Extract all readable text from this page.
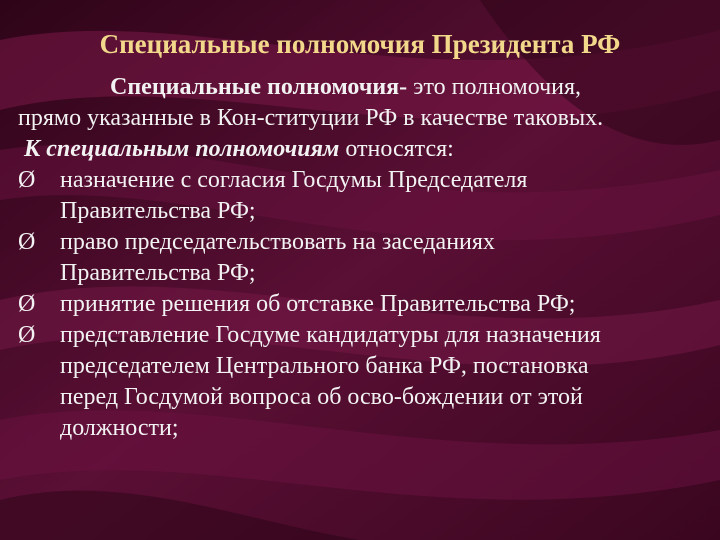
Специальные полномочия Президента РФ
Специальные полномочия- это полномочия,
прямо указанные в Кон-ституции РФ в качестве таковых.
К специальным полномочиям относятся:
Ø	назначение с согласия Госдумы Председателя
Правительства РФ;
Ø	право председательствовать на заседаниях
Правительства РФ;
Ø	принятие решения об отставке Правительства РФ;
Ø	представление Госдуме кандидатуры для назначения
председателем Центрального банка РФ, постановка
перед Госдумой вопроса об осво-бождении от этой
должности;
